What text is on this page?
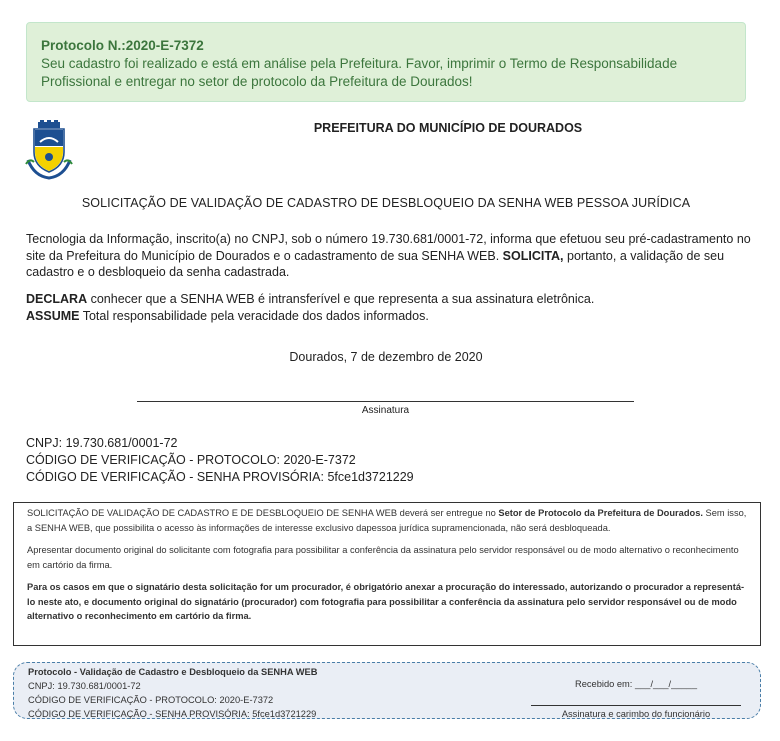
Protocolo N.:2020-E-7372
Seu cadastro foi realizado e está em análise pela Prefeitura. Favor, imprimir o Termo de Responsabilidade Profissional e entregar no setor de protocolo da Prefeitura de Dourados!
PREFEITURA DO MUNICÍPIO DE DOURADOS
SOLICITAÇÃO DE VALIDAÇÃO DE CADASTRO DE DESBLOQUEIO DA SENHA WEB PESSOA JURÍDICA
Tecnologia da Informação, inscrito(a) no CNPJ, sob o número 19.730.681/0001-72, informa que efetuou seu pré-cadastramento no site da Prefeitura do Município de Dourados e o cadastramento de sua SENHA WEB. SOLICITA, portanto, a validação de seu cadastro e o desbloqueio da senha cadastrada.
DECLARA conhecer que a SENHA WEB é intransferível e que representa a sua assinatura eletrônica.
ASSUME Total responsabilidade pela veracidade dos dados informados.
Dourados, 7 de dezembro de 2020
Assinatura
CNPJ: 19.730.681/0001-72
CÓDIGO DE VERIFICAÇÃO - PROTOCOLO: 2020-E-7372
CÓDIGO DE VERIFICAÇÃO - SENHA PROVISÓRIA: 5fce1d3721229

SOLICITAÇÃO DE VALIDAÇÃO DE CADASTRO E DE DESBLOQUEIO DE SENHA WEB deverá ser entregue no Setor de Protocolo da Prefeitura de Dourados. Sem isso, a SENHA WEB, que possibilita o acesso às informações de interesse exclusivo dapessoa jurídica supramencionada, não será desbloqueada.

Apresentar documento original do solicitante com fotografia para possibilitar a conferência da assinatura pelo servidor responsável ou de modo alternativo o reconhecimento em cartório da firma.

Para os casos em que o signatário desta solicitação for um procurador, é obrigatório anexar a procuração do interessado, autorizando o procurador a representá-lo neste ato, e documento original do signatário (procurador) com fotografia para possibilitar a conferência da assinatura pelo servidor responsável ou de modo alternativo o reconhecimento em cartório da firma.

Protocolo - Validação de Cadastro e Desbloqueio da SENHA WEB
CNPJ: 19.730.681/0001-72
CÓDIGO DE VERIFICAÇÃO - PROTOCOLO: 2020-E-7372
CÓDIGO DE VERIFICAÇÃO - SENHA PROVISÓRIA: 5fce1d3721229
Recebido em: ___/___/_____
Assinatura e carimbo do funcionário
